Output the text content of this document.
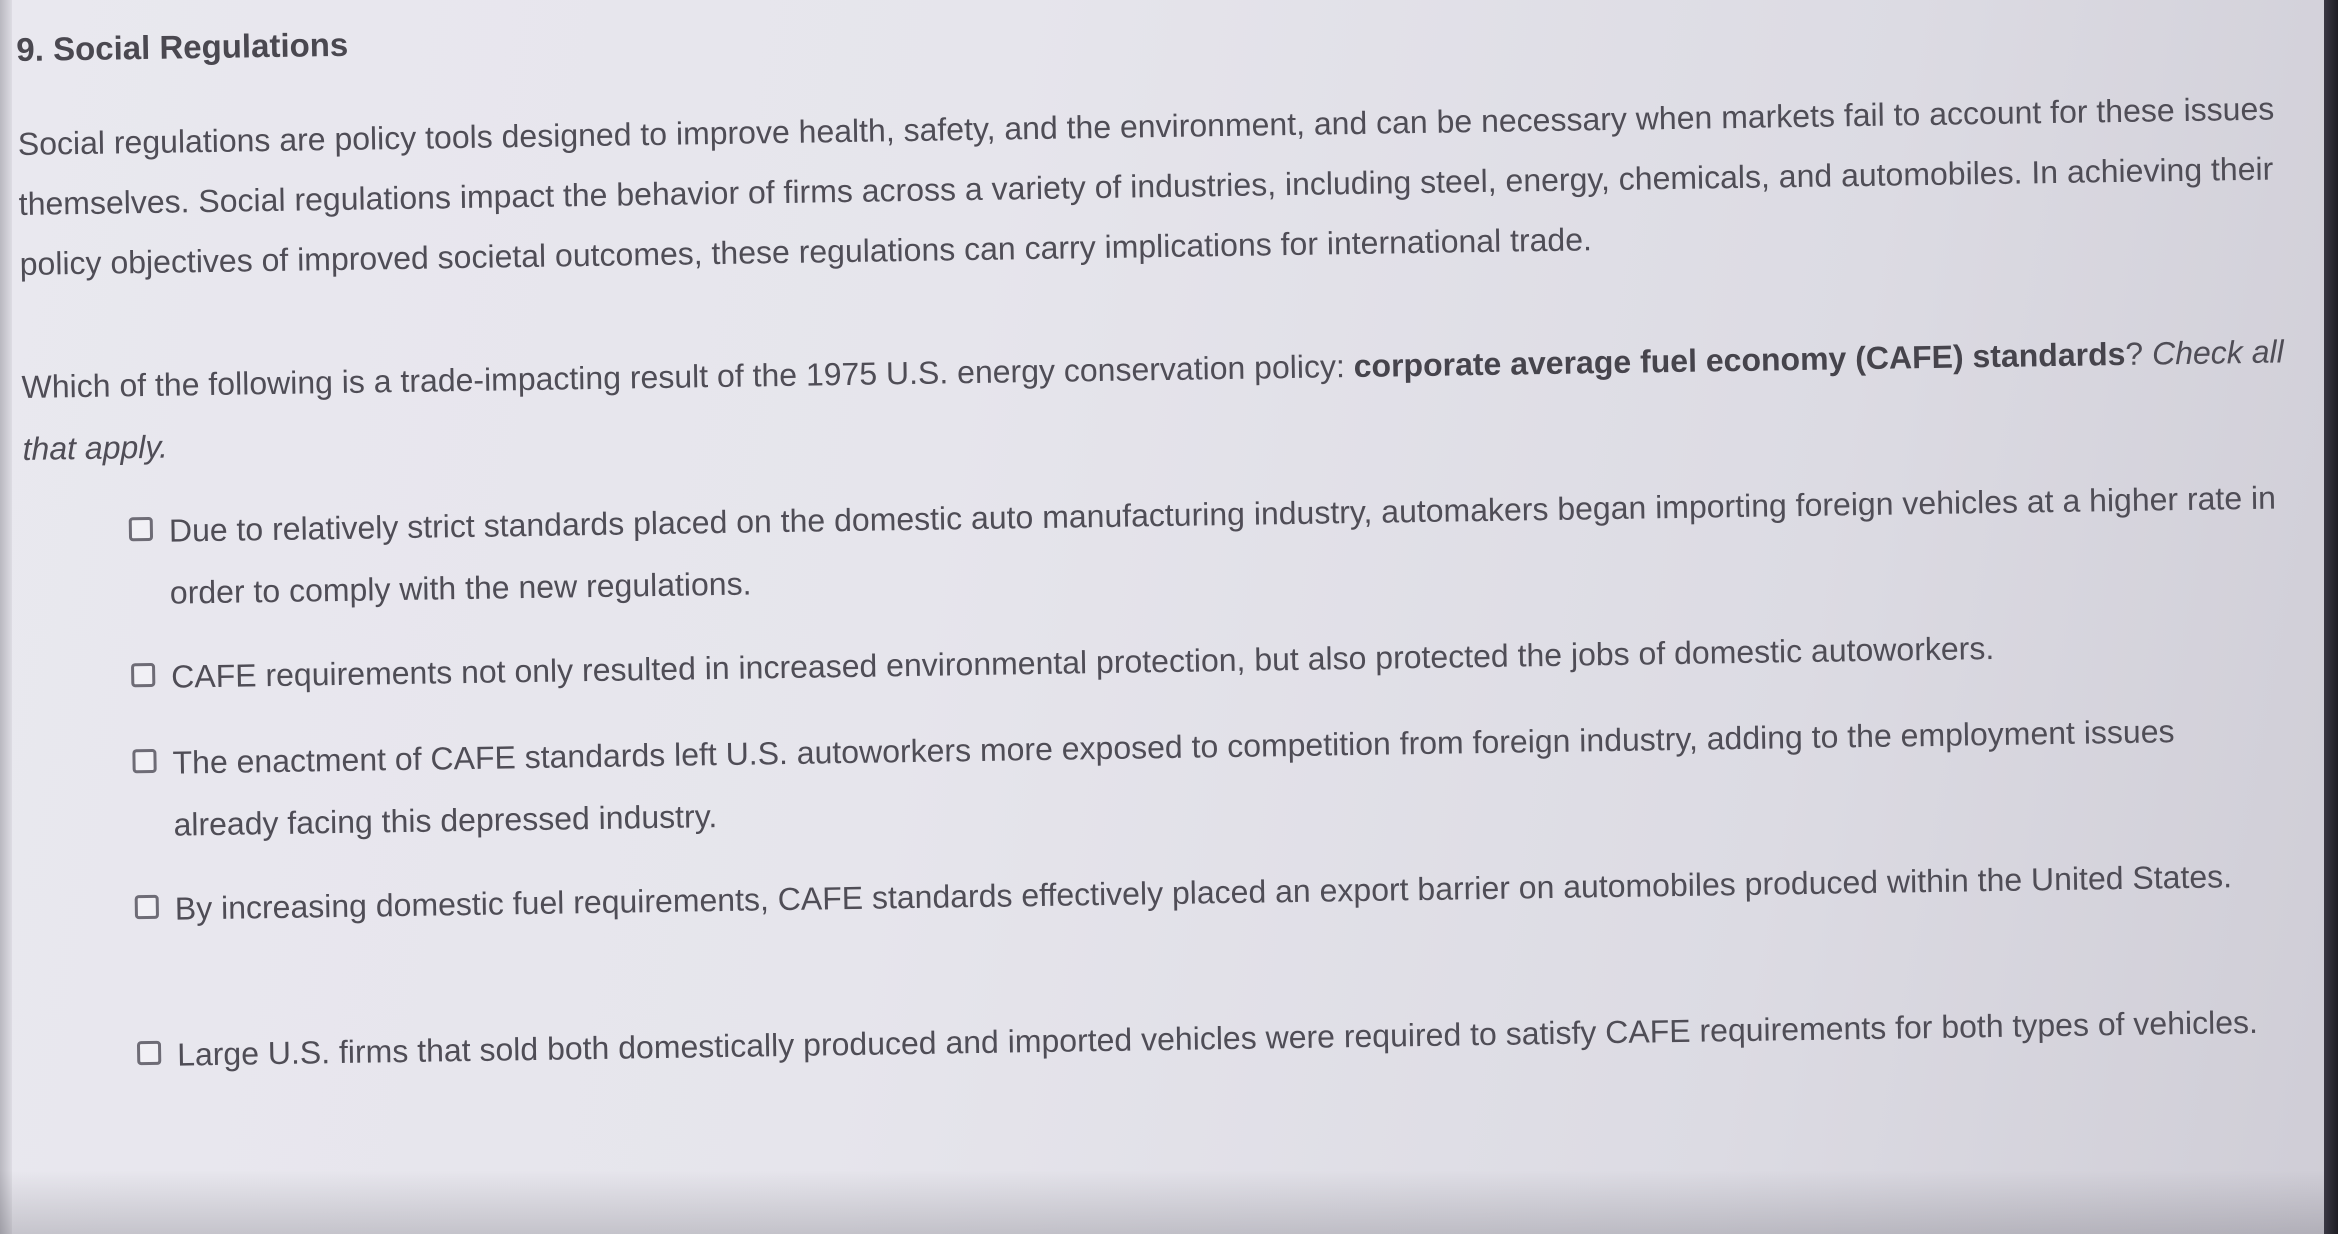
9. Social Regulations

Social regulations are policy tools designed to improve health, safety, and the environment, and can be necessary when markets fail to account for these issues themselves. Social regulations impact the behavior of firms across a variety of industries, including steel, energy, chemicals, and automobiles. In achieving their policy objectives of improved societal outcomes, these regulations can carry implications for international trade.

Which of the following is a trade-impacting result of the 1975 U.S. energy conservation policy: corporate average fuel economy (CAFE) standards? Check all that apply.

Due to relatively strict standards placed on the domestic auto manufacturing industry, automakers began importing foreign vehicles at a higher rate in order to comply with the new regulations.
CAFE requirements not only resulted in increased environmental protection, but also protected the jobs of domestic autoworkers.
The enactment of CAFE standards left U.S. autoworkers more exposed to competition from foreign industry, adding to the employment issues already facing this depressed industry.
By increasing domestic fuel requirements, CAFE standards effectively placed an export barrier on automobiles produced within the United States.
Large U.S. firms that sold both domestically produced and imported vehicles were required to satisfy CAFE requirements for both types of vehicles.
